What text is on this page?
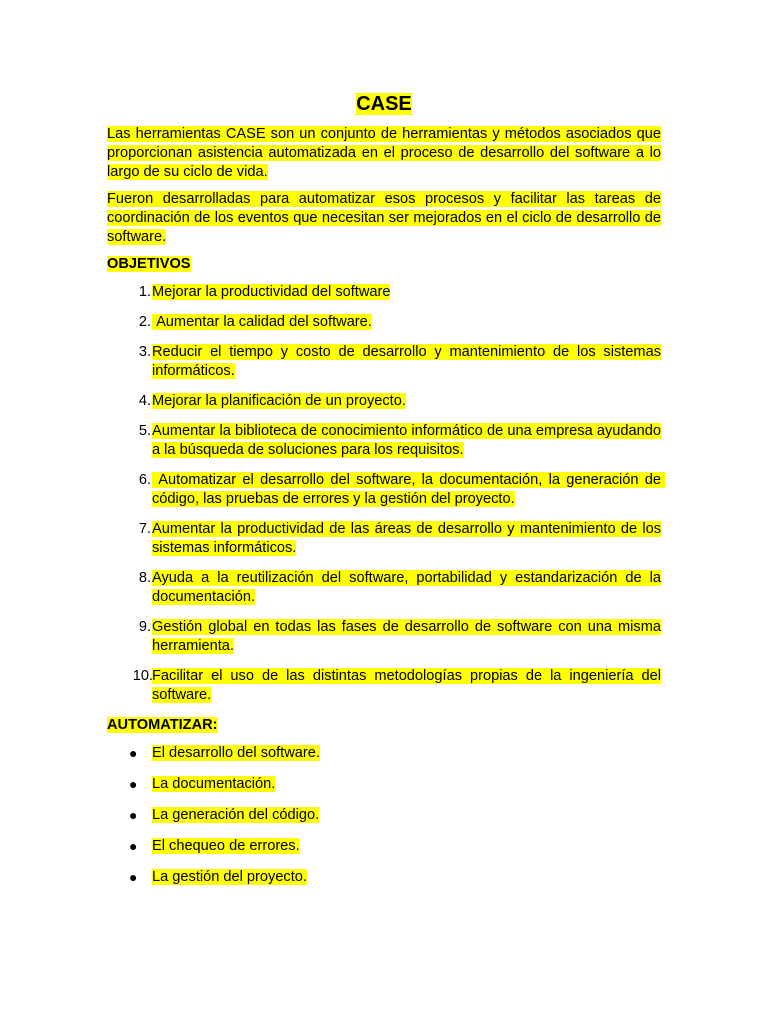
CASE

Las herramientas CASE son un conjunto de herramientas y métodos asociados que proporcionan asistencia automatizada en el proceso de desarrollo del software a lo largo de su ciclo de vida.

Fueron desarrolladas para automatizar esos procesos y facilitar las tareas de coordinación de los eventos que necesitan ser mejorados en el ciclo de desarrollo de software.

OBJETIVOS
1. Mejorar la productividad del software
2. Aumentar la calidad del software.
3. Reducir el tiempo y costo de desarrollo y mantenimiento de los sistemas informáticos.
4. Mejorar la planificación de un proyecto.
5. Aumentar la biblioteca de conocimiento informático de una empresa ayudando a la búsqueda de soluciones para los requisitos.
6. Automatizar el desarrollo del software, la documentación, la generación de código, las pruebas de errores y la gestión del proyecto.
7. Aumentar la productividad de las áreas de desarrollo y mantenimiento de los sistemas informáticos.
8. Ayuda a la reutilización del software, portabilidad y estandarización de la documentación.
9. Gestión global en todas las fases de desarrollo de software con una misma herramienta.
10. Facilitar el uso de las distintas metodologías propias de la ingeniería del software.
AUTOMATIZAR:
● El desarrollo del software.
● La documentación.
● La generación del código.
● El chequeo de errores.
● La gestión del proyecto.
